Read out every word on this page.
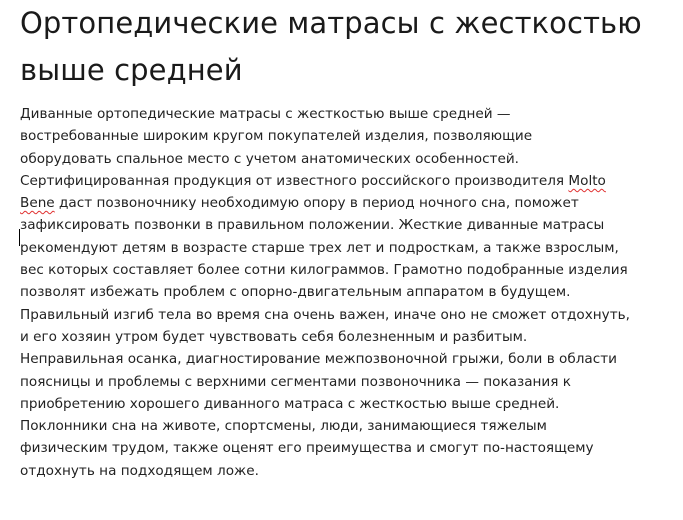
Ортопедические матрасы с жесткостью
выше средней
Диванные ортопедические матрасы с жесткостью выше средней —
востребованные широким кругом покупателей изделия, позволяющие
оборудовать спальное место с учетом анатомических особенностей.
Сертифицированная продукция от известного российского производителя Molto
Bene даст позвоночнику необходимую опору в период ночного сна, поможет
зафиксировать позвонки в правильном положении. Жесткие диванные матрасы
рекомендуют детям в возрасте старше трех лет и подросткам, а также взрослым,
вес которых составляет более сотни килограммов. Грамотно подобранные изделия
позволят избежать проблем с опорно-двигательным аппаратом в будущем.
Правильный изгиб тела во время сна очень важен, иначе оно не сможет отдохнуть,
и его хозяин утром будет чувствовать себя болезненным и разбитым.
Неправильная осанка, диагностирование межпозвоночной грыжи, боли в области
поясницы и проблемы с верхними сегментами позвоночника — показания к
приобретению хорошего диванного матраса с жесткостью выше средней.
Поклонники сна на животе, спортсмены, люди, занимающиеся тяжелым
физическим трудом, также оценят его преимущества и смогут по-настоящему
отдохнуть на подходящем ложе.
